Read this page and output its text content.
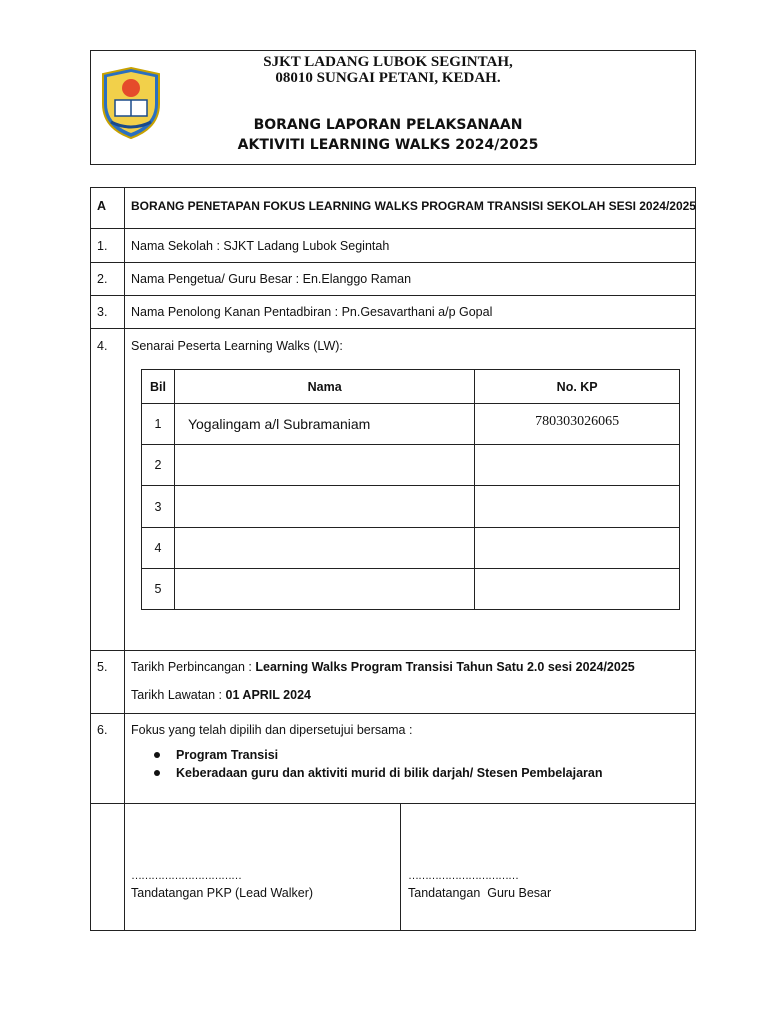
SJKT LADANG LUBOK SEGINTAH,
08010 SUNGAI PETANI, KEDAH.
BORANG LAPORAN PELAKSANAAN
AKTIVITI LEARNING WALKS 2024/2025
A BORANG PENETAPAN FOKUS LEARNING WALKS PROGRAM TRANSISI SEKOLAH SESI 2024/2025
1. Nama Sekolah : SJKT Ladang Lubok Segintah
2. Nama Pengetua/ Guru Besar : En.Elanggo Raman
3. Nama Penolong Kanan Pentadbiran : Pn.Gesavarthani a/p Gopal
4. Senarai Peserta Learning Walks (LW):
Bil	Nama	No. KP
1	Yogalingam a/l Subramaniam	780303026065
2		
3		
4		
5		
5. Tarikh Perbincangan : Learning Walks Program Transisi Tahun Satu 2.0 sesi 2024/2025
Tarikh Lawatan : 01 APRIL 2024
6. Fokus yang telah dipilih dan dipersetujui bersama :
Program Transisi
Keberadaan guru dan aktiviti murid di bilik darjah/ Stesen Pembelajaran
……………………………
Tandatangan PKP (Lead Walker)
……………………………
Tandatangan  Guru Besar
